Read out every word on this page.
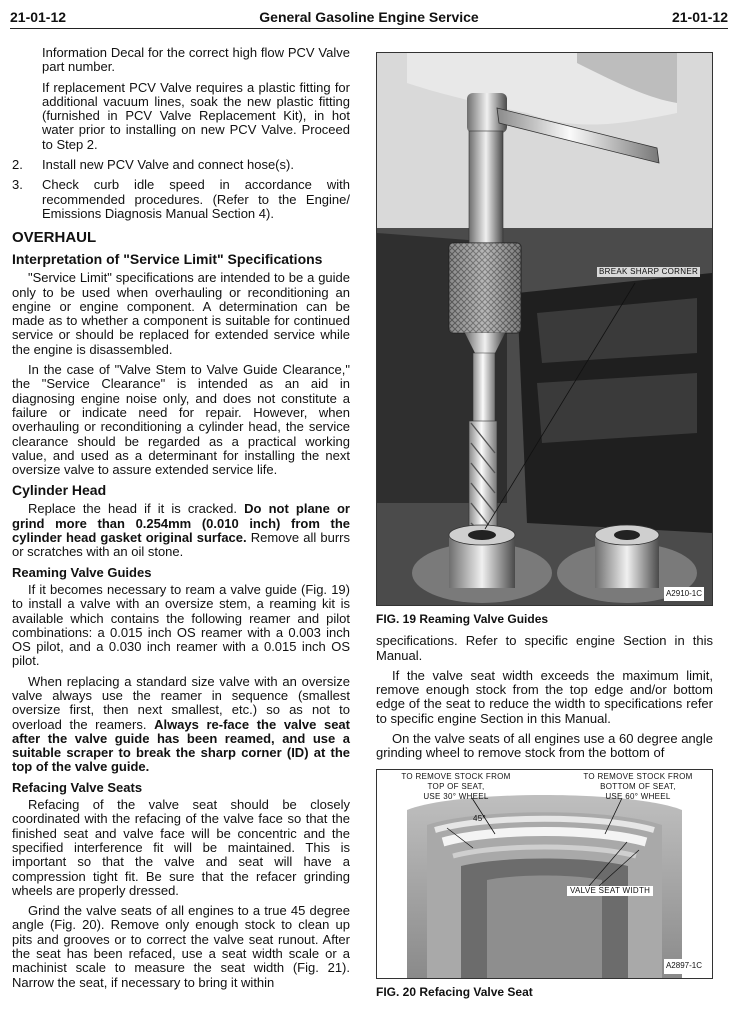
21-01-12	General Gasoline Engine Service	21-01-12

Information Decal for the correct high flow PCV Valve part number.

If replacement PCV Valve requires a plastic fitting for additional vacuum lines, soak the new plastic fitting (furnished in PCV Valve Replacement Kit), in hot water prior to installing on new PCV Valve. Proceed to Step 2.

2. Install new PCV Valve and connect hose(s).
3. Check curb idle speed in accordance with recommended procedures. (Refer to the Engine/ Emissions Diagnosis Manual Section 4).
OVERHAUL
Interpretation of "Service Limit" Specifications

"Service Limit" specifications are intended to be a guide only to be used when overhauling or reconditioning an engine or engine component. A determination can be made as to whether a component is suitable for continued service or should be replaced for extended service while the engine is disassembled.

In the case of "Valve Stem to Valve Guide Clearance," the "Service Clearance" is intended as an aid in diagnosing engine noise only, and does not constitute a failure or indicate need for repair. However, when overhauling or reconditioning a cylinder head, the service clearance should be regarded as a practical working value, and used as a determinant for installing the next oversize valve to assure extended service life.

Cylinder Head

Replace the head if it is cracked. Do not plane or grind more than 0.254mm (0.010 inch) from the cylinder head gasket original surface. Remove all burrs or scratches with an oil stone.

Reaming Valve Guides

If it becomes necessary to ream a valve guide (Fig. 19) to install a valve with an oversize stem, a reaming kit is available which contains the following reamer and pilot combinations: a 0.015 inch OS reamer with a 0.003 inch OS pilot, and a 0.030 inch reamer with a 0.015 inch OS pilot.

When replacing a standard size valve with an oversize valve always use the reamer in sequence (smallest oversize first, then next smallest, etc.) so as not to overload the reamers. Always re-face the valve seat after the valve guide has been reamed, and use a suitable scraper to break the sharp corner (ID) at the top of the valve guide.

Refacing Valve Seats

Refacing of the valve seat should be closely coordinated with the refacing of the valve face so that the finished seat and valve face will be concentric and the specified interference fit will be maintained. This is important so that the valve and seat will have a compression tight fit. Be sure that the refacer grinding wheels are properly dressed.

Grind the valve seats of all engines to a true 45 degree angle (Fig. 20). Remove only enough stock to clean up pits and grooves or to correct the valve seat runout. After the seat has been refaced, use a seat width scale or a machinist scale to measure the seat width (Fig. 21). Narrow the seat, if necessary to bring it within

BREAK SHARP CORNER
A2910-1C
FIG. 19 Reaming Valve Guides

specifications. Refer to specific engine Section in this Manual.

If the valve seat width exceeds the maximum limit, remove enough stock from the top edge and/or bottom edge of the seat to reduce the width to specifications refer to specific engine Section in this Manual.

On the valve seats of all engines use a 60 degree angle grinding wheel to remove stock from the bottom of

TO REMOVE STOCK FROM
TOP OF SEAT,
USE 30° WHEEL
TO REMOVE STOCK FROM
BOTTOM OF SEAT,
USE 60° WHEEL
45°
VALVE SEAT WIDTH
A2897-1C
FIG. 20 Refacing Valve Seat
